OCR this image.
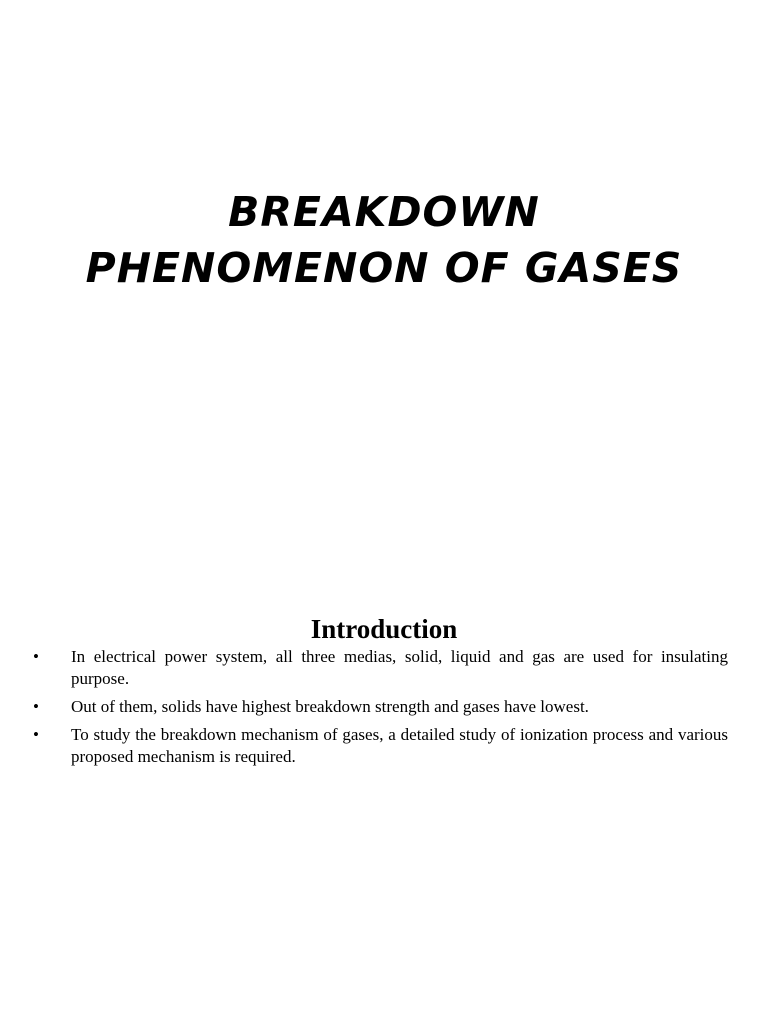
BREAKDOWN
PHENOMENON OF GASES
Introduction
• In electrical power system, all three medias, solid, liquid and gas are used for insulating purpose.
• Out of them, solids have highest breakdown strength and gases have lowest.
• To study the breakdown mechanism of gases, a detailed study of ionization process and various proposed mechanism is required.
